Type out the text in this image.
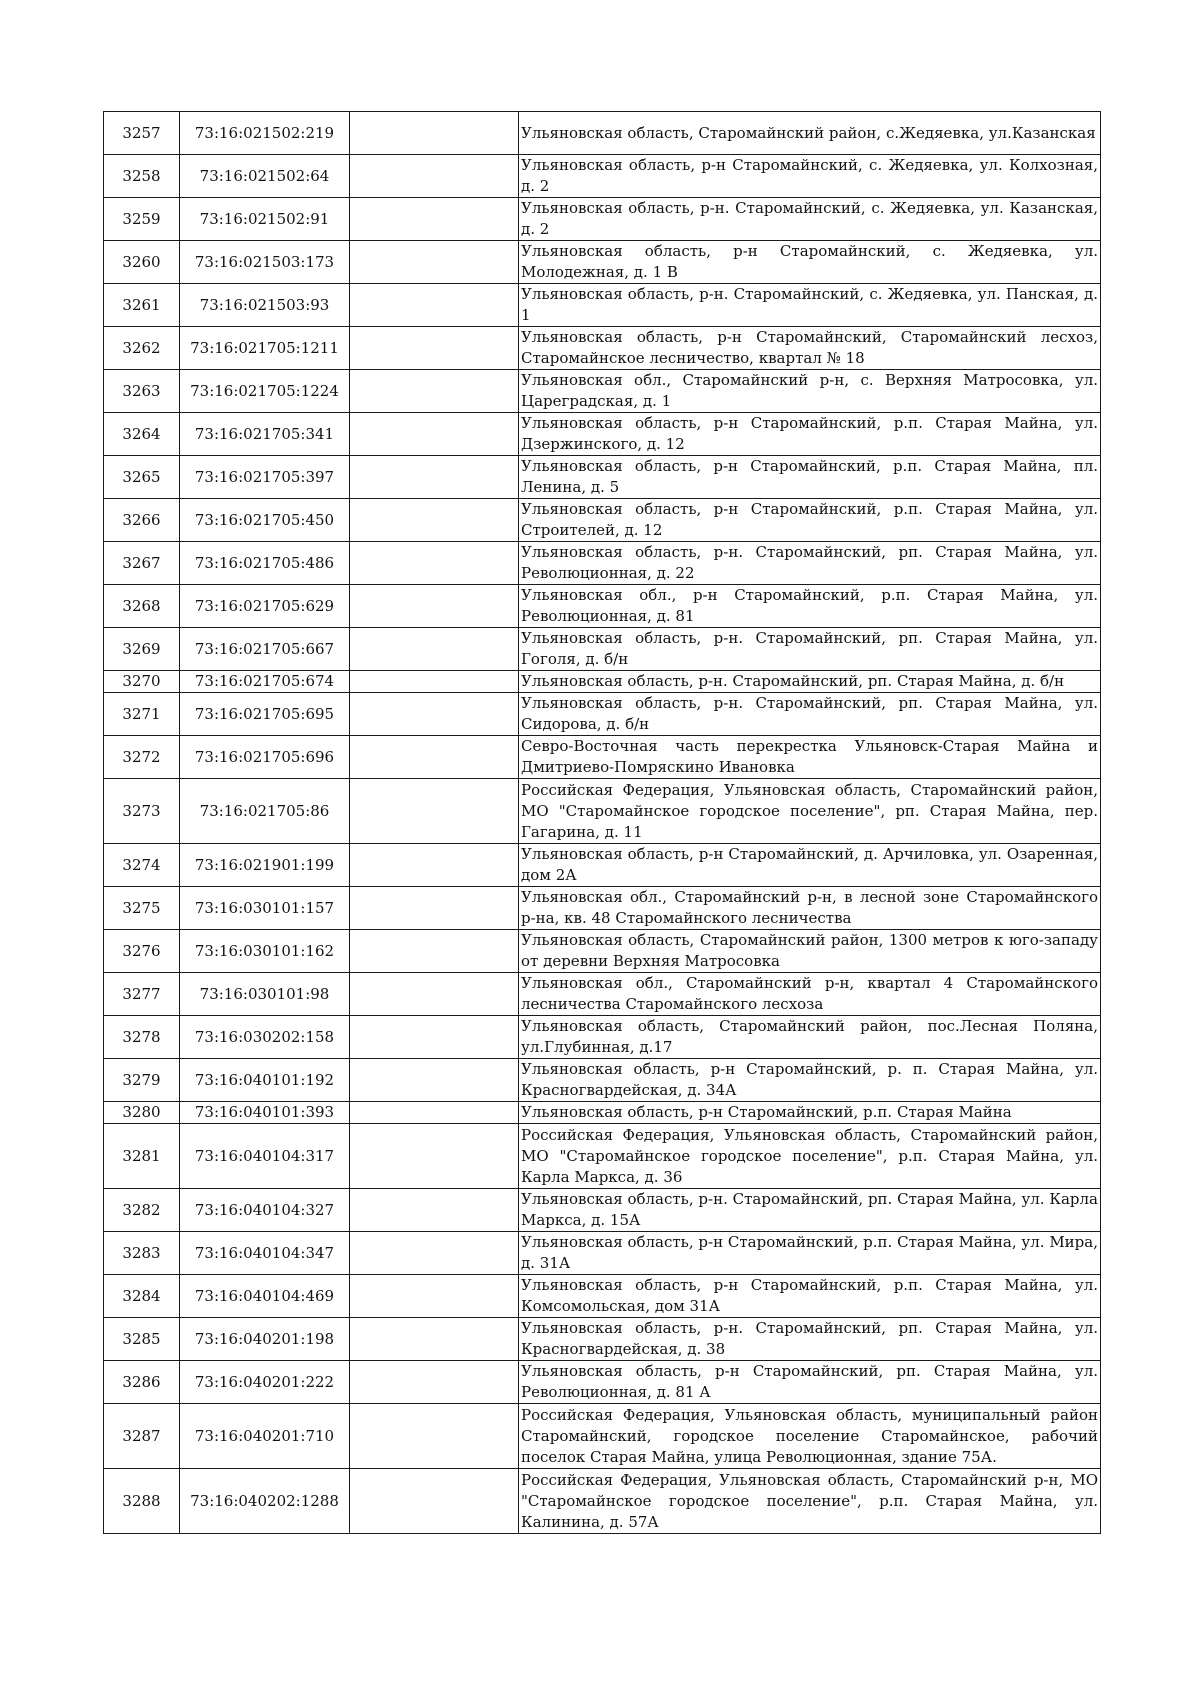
3257	73:16:021502:219		Ульяновская область, Старомайнский район, с.Жедяевка, ул.Казанская
3258	73:16:021502:64		Ульяновская область, р-н Старомайнский, с. Жедяевка, ул. Колхозная, д. 2
3259	73:16:021502:91		Ульяновская область, р-н. Старомайнский, с. Жедяевка, ул. Казанская, д. 2
3260	73:16:021503:173		Ульяновская область, р-н Старомайнский, с. Жедяевка, ул. Молодежная, д. 1 В
3261	73:16:021503:93		Ульяновская область, р-н. Старомайнский, с. Жедяевка, ул. Панская, д. 1
3262	73:16:021705:1211		Ульяновская область, р-н Старомайнский, Старомайнский лесхоз, Старомайнское лесничество, квартал № 18
3263	73:16:021705:1224		Ульяновская обл., Старомайнский р-н, с. Верхняя Матросовка, ул. Цареградская, д. 1
3264	73:16:021705:341		Ульяновская область, р-н Старомайнский, р.п. Старая Майна, ул. Дзержинского, д. 12
3265	73:16:021705:397		Ульяновская область, р-н Старомайнский, р.п. Старая Майна, пл. Ленина, д. 5
3266	73:16:021705:450		Ульяновская область, р-н Старомайнский, р.п. Старая Майна, ул. Строителей, д. 12
3267	73:16:021705:486		Ульяновская область, р-н. Старомайнский, рп. Старая Майна, ул. Революционная, д. 22
3268	73:16:021705:629		Ульяновская обл., р-н Старомайнский, р.п. Старая Майна, ул. Революционная, д. 81
3269	73:16:021705:667		Ульяновская область, р-н. Старомайнский, рп. Старая Майна, ул. Гоголя, д. б/н
3270	73:16:021705:674		Ульяновская область, р-н. Старомайнский, рп. Старая Майна, д. б/н
3271	73:16:021705:695		Ульяновская область, р-н. Старомайнский, рп. Старая Майна, ул. Сидорова, д. б/н
3272	73:16:021705:696		Севро-Восточная часть перекрестка Ульяновск-Старая Майна и Дмитриево-Помряскино Ивановка
3273	73:16:021705:86		Российская Федерация, Ульяновская область, Старомайнский район, МО "Старомайнское городское поселение", рп. Старая Майна, пер. Гагарина, д. 11
3274	73:16:021901:199		Ульяновская область, р-н Старомайнский, д. Арчиловка, ул. Озаренная, дом 2А
3275	73:16:030101:157		Ульяновская обл., Старомайнский р-н, в лесной зоне Старомайнского р-на, кв. 48 Старомайнского лесничества
3276	73:16:030101:162		Ульяновская область, Старомайнский район, 1300 метров к юго-западу от деревни Верхняя Матросовка
3277	73:16:030101:98		Ульяновская обл., Старомайнский р-н, квартал 4 Старомайнского лесничества Старомайнского лесхоза
3278	73:16:030202:158		Ульяновская область, Старомайнский район, пос.Лесная Поляна, ул.Глубинная, д.17
3279	73:16:040101:192		Ульяновская область, р-н Старомайнский, р. п. Старая Майна, ул. Красногвардейская, д. 34А
3280	73:16:040101:393		Ульяновская область, р-н Старомайнский, р.п. Старая Майна
3281	73:16:040104:317		Российская Федерация, Ульяновская область, Старомайнский район, МО "Старомайнское городское поселение", р.п. Старая Майна, ул. Карла Маркса, д. 36
3282	73:16:040104:327		Ульяновская область, р-н. Старомайнский, рп. Старая Майна, ул. Карла Маркса, д. 15А
3283	73:16:040104:347		Ульяновская область, р-н Старомайнский, р.п. Старая Майна, ул. Мира, д. 31А
3284	73:16:040104:469		Ульяновская область, р-н Старомайнский, р.п. Старая Майна, ул. Комсомольская, дом 31А
3285	73:16:040201:198		Ульяновская область, р-н. Старомайнский, рп. Старая Майна, ул. Красногвардейская, д. 38
3286	73:16:040201:222		Ульяновская область, р-н Старомайнский, рп. Старая Майна, ул. Революционная, д. 81 А
3287	73:16:040201:710		Российская Федерация, Ульяновская область, муниципальный район Старомайнский, городское поселение Старомайнское, рабочий поселок Старая Майна, улица Революционная, здание 75А.
3288	73:16:040202:1288		Российская Федерация, Ульяновская область, Старомайнский р-н, МО "Старомайнское городское поселение", р.п. Старая Майна, ул. Калинина, д. 57А
